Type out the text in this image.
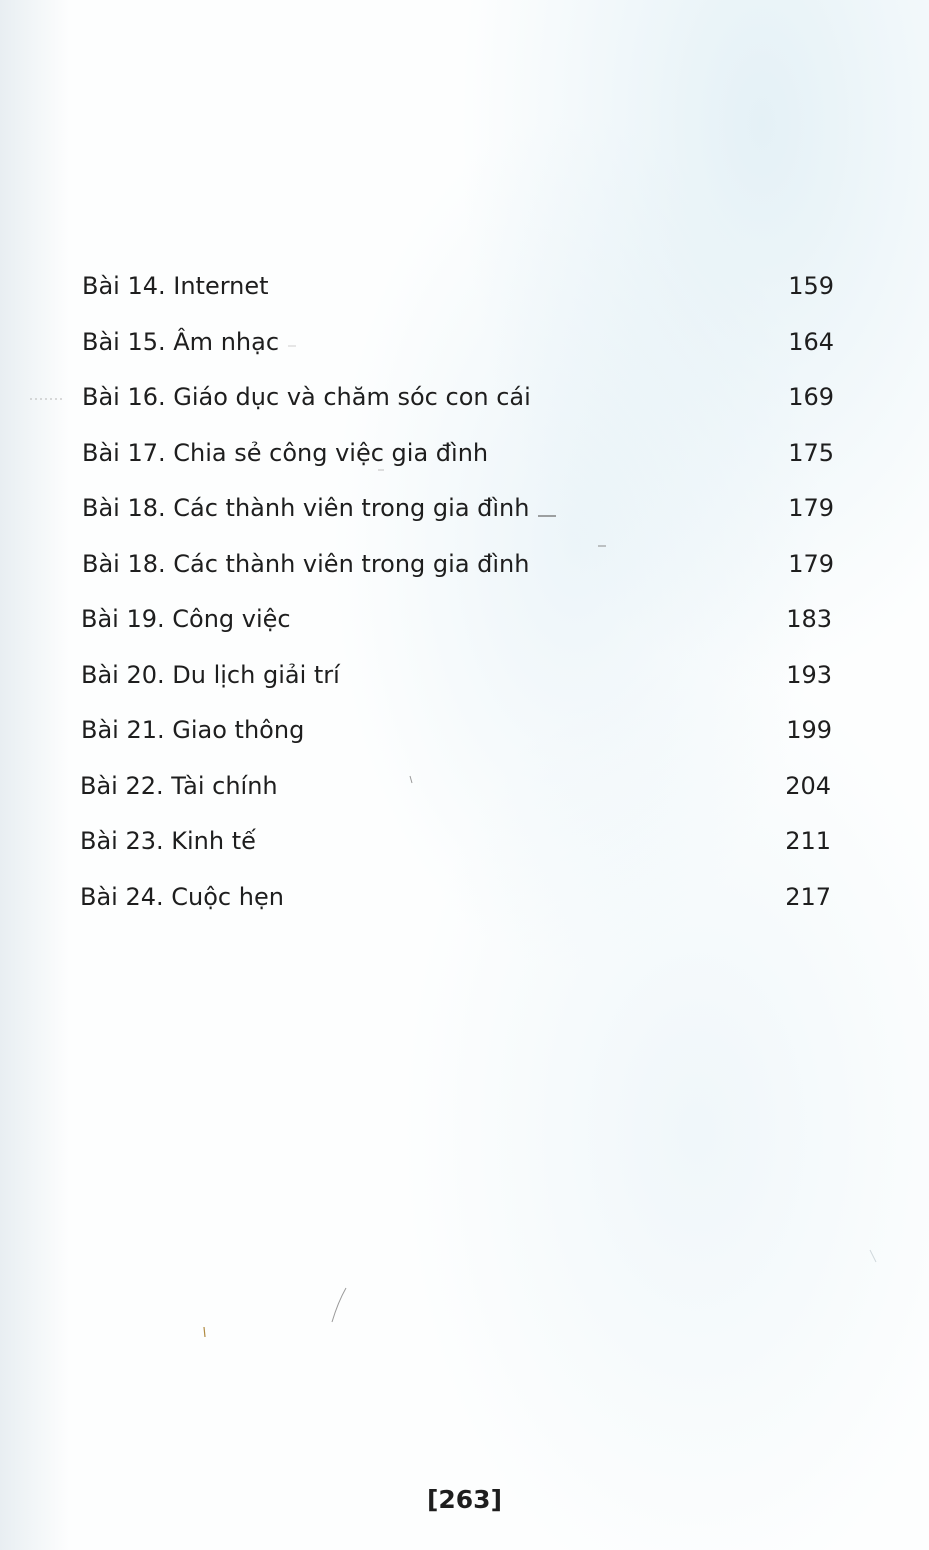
Bài 14. Internet	159
Bài 15. Âm nhạc	164
Bài 16. Giáo dục và chăm sóc con cái	169
Bài 17. Chia sẻ công việc gia đình	175
Bài 18. Các thành viên trong gia đình	179
Bài 18. Các thành viên trong gia đình	179
Bài 19. Công việc	183
Bài 20. Du lịch giải trí	193
Bài 21. Giao thông	199
Bài 22. Tài chính	204
Bài 23. Kinh tế	211
Bài 24. Cuộc hẹn	217
[263]
